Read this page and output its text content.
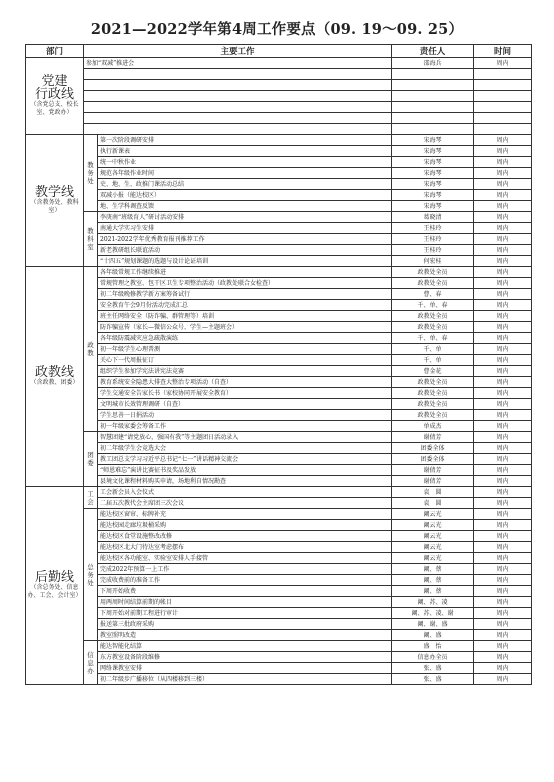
2021—2022学年第4周工作要点（09. 19～09. 25）
部门	主要工作		责任人	时间

党建
行政线
（含党总支、校长室、党政办）	参加“双减”推进会		邵海兵	周内

教学线
（含教务处、教科室）	教务处	第一次阶段调研安排	宋海琴	周内
		执行新课表	宋海琴	周内
		统一中秋作业	宋海琴	周内
		规范各年级作业时间	宋海琴	周内
		史、地、生、政推门课活动总结	宋海琴	周内
		双减小报（能达校区）	宋海琴	周内
		地、生学科调查反馈	宋海琴	周内
	教科室	李庚南“班级育人”研讨活动安排	葛晓清	周内
		南通大学实习生安排	王桂玲	周内
		2021-2022学年优秀教育报刊推荐工作	王桂玲	周内
		新老教研组长联谊活动	王桂玲	周内
		“十四五”规划课题的选题与设计论证培训	何宏桂	周内

政教线
（含政教、团委）	政教	各年级常规工作继续推进	政教处全员	周内
		常规管理之教室、包干区卫生专项整治活动（政教处联合女检查）	政教处全员	周内
		初二年级晚修教学新方案筹备试行	曹、春	周内
		安全教育午会9月份活动完成汇总	千、单、春	周内
		班主任网络安全（防诈骗、群管理等）培训	政教处全员	周内
		防诈骗宣传（家长—微信公众号、学生—主题班会）	政教处全员	周内
		各年级防震减灾应急疏散演练	千、单、春	周内
		初一年级学生心理普测	千、单	周内
		关心下一代周报征订	千、单	周内
		组织学生参加学宪法讲宪法竞赛	曹金花	周内
		教育系统安全隐患大排查大整治专项活动（自查）	政教处全员	周内
		学生交通安全告家长书（家校协同开展安全教育）	政教处全员	周内
		文明城市长效管理调研（自查）	政教处全员	周内
		学生思善一日捐活动	政教处全员	周内
		初一年级家委会筹备工作	单成杰	周内
	团委	智慧团建“请党放心，强国有我”等主题团日活动录入	谢倩芳	周内
		初二年级学生会竞选大会	团委全体	周内
		教工团总支学习习近平总书记“七一”讲话精神交流会	团委全体	周内
		“师恩难忘”演讲比赛征书及奖品发放	谢倩芳	周内
		县境文化课程材料购买申请，场地利自情况勘查	谢倩芳	周内

后勤线
（含总务处、信息办、工会、会计室）	工会	工会新会员入会仪式	袁　圆	周内
		二届五次教代会主席团三次会议	袁　圆	周内
	总务处	能达校区窗帘、标牌补充	阚云光	周内
		能达校园走廊垃圾桶采购	阚云光	周内
		能达校区食堂设施整改改修	阚云光	周内
		能达校区北大门待达室考虑摆布	阚云光	周内
		能达校区各功能室、实验室安排人手接管	阚云光	周内
		完成2022年预算一上工作	阚、蔡	周内
		完成收费前的准备工作	阚、蔡	周内
		下周开始收费	阚、蔡	周内
		用两周时间结算前期的帐目	阚、苏、凌	周内
		下周开始对前期工程进行审计	阚、苏、凌、谢	周内
		报送第三批政府采购	阚、谢、盛	周内
		教室照明改造	阚、盛	周内
	信息办	能达智能化结算	盛　怡	周内
		东方教室设备阶段维修	信息办全员	周内
		网络课教室安排	张、盛	周内
		初二年级步广播移位（从四楼移到三楼）	张、盛	周内
